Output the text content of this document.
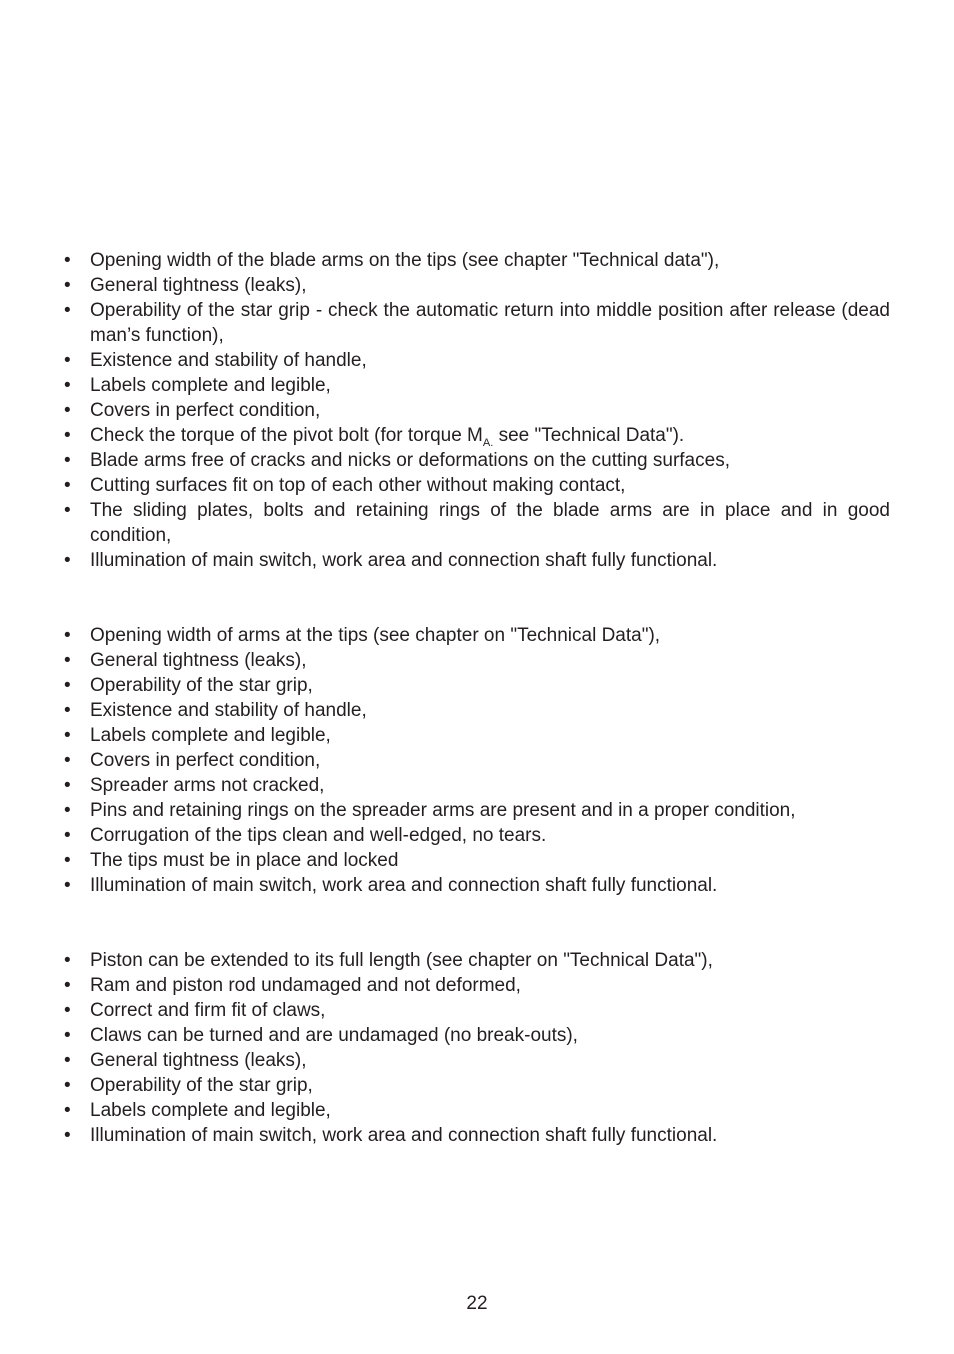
• Opening width of the blade arms on the tips (see chapter "Technical data"),
• General tightness (leaks),
• Operability of the star grip - check the automatic return into middle position after release (dead man’s function),
• Existence and stability of handle,
• Labels complete and legible,
• Covers in perfect condition,
• Check the torque of the pivot bolt (for torque $M_{A.}$ see "Technical Data").
• Blade arms free of cracks and nicks or deformations on the cutting surfaces,
• Cutting surfaces fit on top of each other without making contact,
• The sliding plates, bolts and retaining rings of the blade arms are in place and in good condition,
• Illumination of main switch, work area and connection shaft fully functional.
• Opening width of arms at the tips (see chapter on "Technical Data"),
• General tightness (leaks),
• Operability of the star grip,
• Existence and stability of handle,
• Labels complete and legible,
• Covers in perfect condition,
• Spreader arms not cracked,
• Pins and retaining rings on the spreader arms are present and in a proper condition,
• Corrugation of the tips clean and well-edged, no tears.
• The tips must be in place and locked
• Illumination of main switch, work area and connection shaft fully functional.
• Piston can be extended to its full length (see chapter on "Technical Data"),
• Ram and piston rod undamaged and not deformed,
• Correct and firm fit of claws,
• Claws can be turned and are undamaged (no break-outs),
• General tightness (leaks),
• Operability of the star grip,
• Labels complete and legible,
• Illumination of main switch, work area and connection shaft fully functional.
22
